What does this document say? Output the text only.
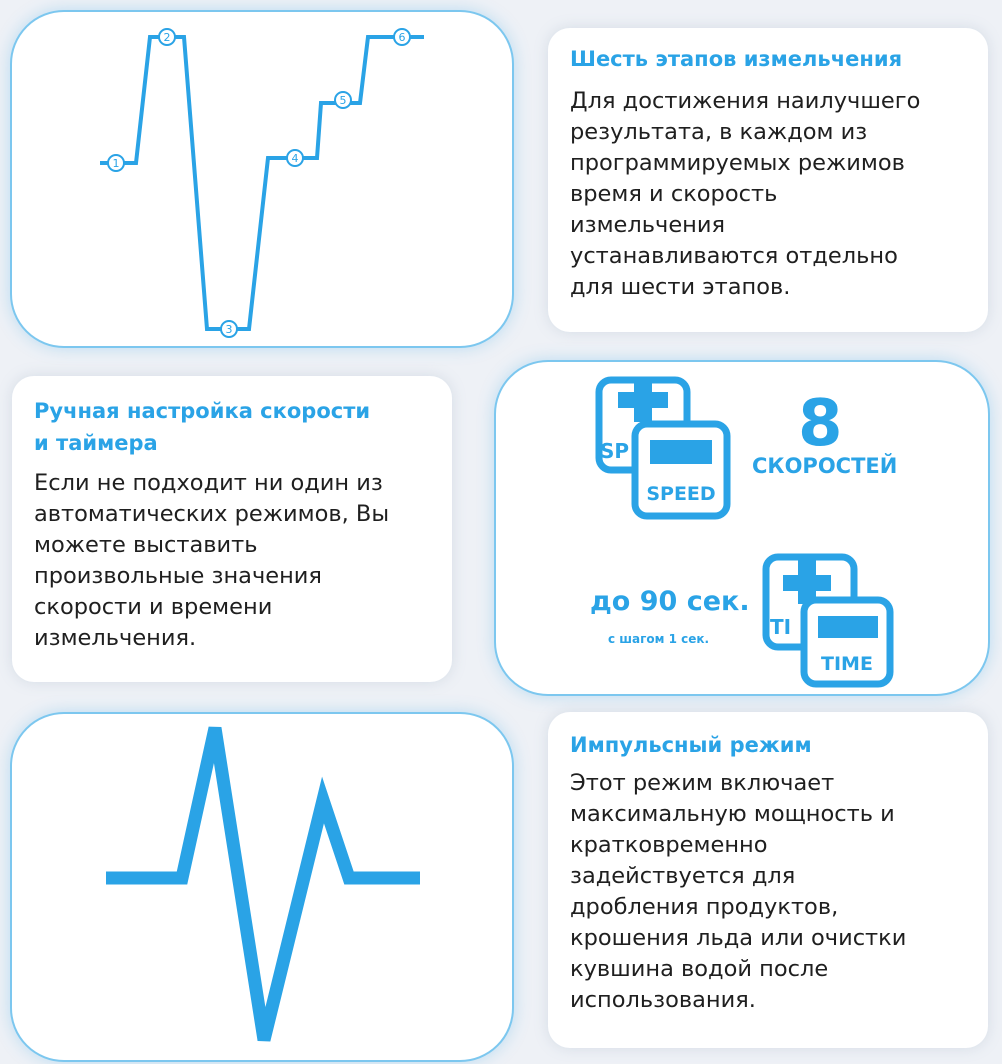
1
2
3
4
5
6
Шесть этапов измельчения
Для достижения наилучшего
результата, в каждом из
программируемых режимов
время и скорость
измельчения
устанавливаются отдельно
для шести этапов.
Ручная настройка скорости
и таймера
Если не подходит ни один из
автоматических режимов, Вы
можете выставить
произвольные значения
скорости и времени
измельчения.
SP
SPEED
TI
TIME
8
СКОРОСТЕЙ
до 90 сек.
с шагом 1 сек.
Импульсный режим
Этот режим включает
максимальную мощность и
кратковременно
задействуется для
дробления продуктов,
крошения льда или очистки
кувшина водой после
использования.
